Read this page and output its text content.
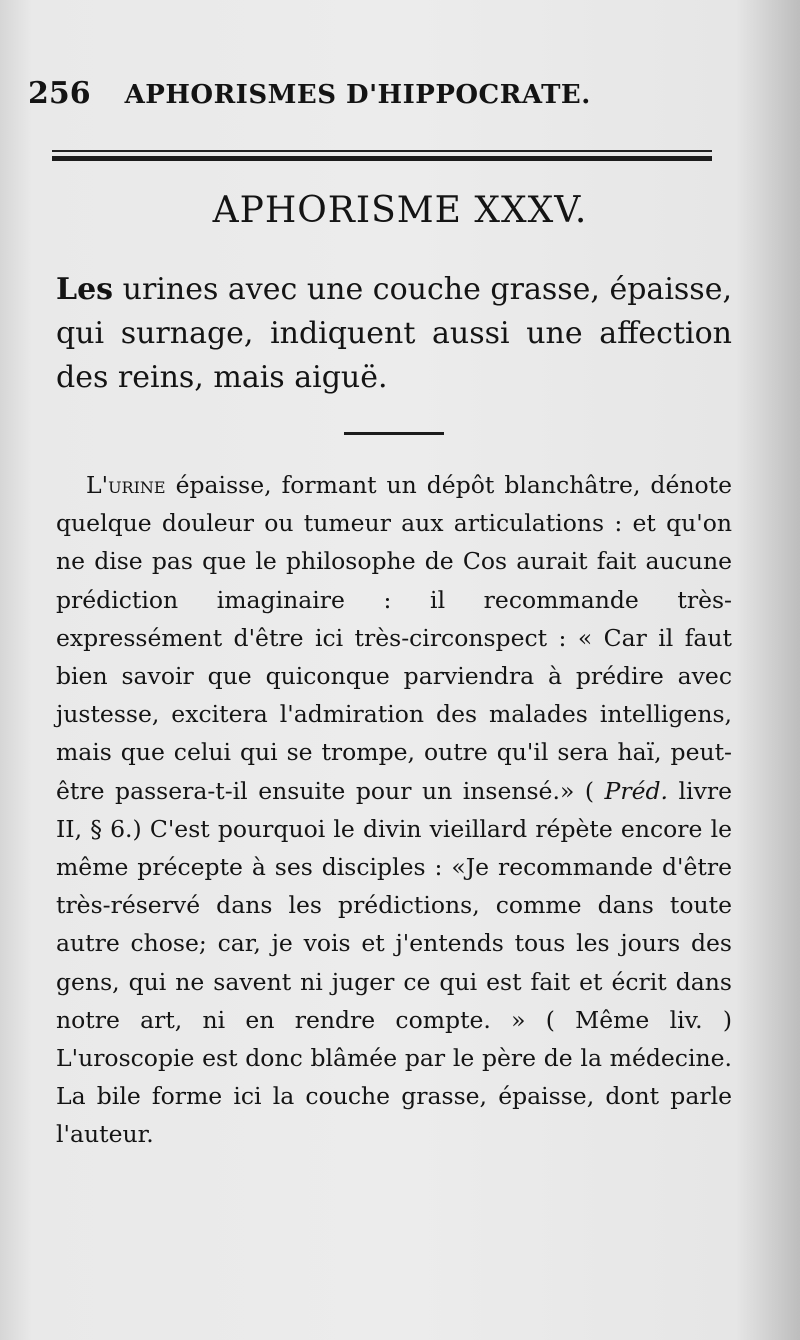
256 APHORISMES D'HIPPOCRATE.
APHORISME XXXV.

Les urines avec une couche grasse, épaisse, qui surnage, indiquent aussi une affection des reins, mais aiguë.

L'urine épaisse, formant un dépôt blanchâtre, dénote quelque douleur ou tumeur aux articulations : et qu'on ne dise pas que le philosophe de Cos aurait fait aucune prédiction imaginaire : il recommande très-expressément d'être ici très-circonspect : « Car il faut bien savoir que quiconque parviendra à prédire avec justesse, excitera l'admiration des malades intelligens, mais que celui qui se trompe, outre qu'il sera haï, peut-être passera-t-il ensuite pour un insensé.» ( Préd. livre II, § 6.) C'est pourquoi le divin vieillard répète encore le même précepte à ses disciples : «Je recommande d'être très-réservé dans les prédictions, comme dans toute autre chose; car, je vois et j'entends tous les jours des gens, qui ne savent ni juger ce qui est fait et écrit dans notre art, ni en rendre compte. » ( Même liv. ) L'uroscopie est donc blâmée par le père de la médecine. La bile forme ici la couche grasse, épaisse, dont parle l'auteur.
